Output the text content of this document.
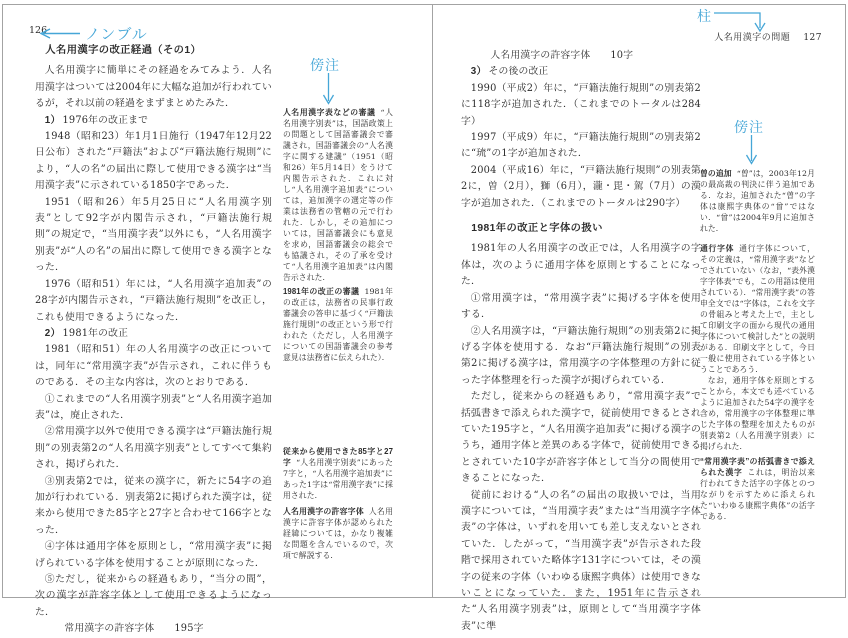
126	ノンブル
人名用漢字の改正経過（その1）

人名用漢字に簡単にその経過をみてみよう．人名用漢字はついては2004年に大幅な追加が行われているが，それ以前の経過をまずまとめたみた．

1） 1976年の改正まで

1948（昭和23）年1月1日施行（1947年12月22日公布）された“戸籍法”および“戸籍法施行規則”により，“人の名”の届出に際して使用できる漢字は“当用漢字表”に示されている1850字であった．

1951（昭和26）年5月25日に“人名用漢字別表”として92字が内閣告示され，“戸籍法施行規則”の規定で，“当用漢字表”以外にも，“人名用漢字別表”が“人の名”の届出に際して使用できる漢字となった．

1976（昭和51）年には，“人名用漢字追加表”の28字が内閣告示され，“戸籍法施行規則”を改正し，これも使用できるようになった．

2） 1981年の改正

1981（昭和51）年の人名用漢字の改正については，同年に“常用漢字表”が告示され，これに伴うものである．その主な内容は，次のとおりである．

①これまでの“人名用漢字別表”と“人名用漢字追加表”は，廃止された．

②常用漢字以外で使用できる漢字は“戸籍法施行規則”の別表第2の“人名用漢字別表”としてすべて集約され，掲げられた．

③別表第2では，従来の漢字に，新たに54字の追加が行われている．別表第2に掲げられた漢字は，従来から使用できた85字と27字と合わせて166字となった．

④字体は通用字体を原則とし，“常用漢字表”に掲げられている字体を使用することが原則になった．

⑤ただし，従来からの経過もあり，“当分の間”，次の漢字が許容字体として使用できるようになった．

常用漢字の許容字体　　195字

傍注
人名用漢字表などの審議 “人名用漢字別表”は，国語政策上の問題として国語審議会で審議され，国語審議会の“人名漢字に関する建議”（1951（昭和26）年5月14日）をうけて内閣告示された．これに対し“人名用漢字追加表”については，追加漢字の選定等の作業は法務省の管轄の元で行われた．しかし，その追加については，国語審議会にも意見を求め，国語審議会の総会でも協議され，その了承を受けて“人名用漢字追加表”は内閣告示された．
1981年の改正の審議 1981年の改正は，法務省の民事行政審議会の答申に基づく“戸籍法施行規則”の改正という形で行われた（ただし，人名用漢字についての国語審議会の参考意見は法務省に伝えられた）．
従来から使用できた85字と27字 “人名用漢字別表”にあった7字と，“人名用漢字追加表”にあった1字は“常用漢字表”に採用された．
人名用漢字の許容字体 人名用漢字に許容字体が認められた経緯については，かなり複雑な問題を含んでいるので，次項で解説する．
柱
人名用漢字の問題 127

人名用漢字の許容字体　　10字

3） その後の改正

1990（平成2）年に，“戸籍法施行規則”の別表第2に118字が追加された．（これまでのトータルは284字）

1997（平成9）年に，“戸籍法施行規則”の別表第2に“琉”の1字が追加された．

2004（平成16）年に，“戸籍法施行規則”の別表第2に，曽（2月），獅（6月），瀧・毘・駕（7月）の漢字が追加された．（これまでのトータルは290字）

1981年の改正と字体の扱い

1981年の人名用漢字の改正では，人名用漢字の字体は，次のように通用字体を原則とすることになった．

①常用漢字は，“常用漢字表”に掲げる字体を使用する．

②人名用漢字は，“戸籍法施行規則”の別表第2に掲げる字体を使用する．なお“戸籍法施行規則”の別表第2に掲げる漢字は，常用漢字の字体整理の方針に従った字体整理を行った漢字が掲げられている．

ただし，従来からの経過もあり，“常用漢字表”で括弧書きで添えられた漢字で，従前使用できるとされていた195字と，“人名用漢字追加表”に掲げる漢字のうち，通用字体と差異のある字体で，従前使用できるとされていた10字が許容字体として当分の間使用できることになった．

従前における“人の名”の届出の取扱いでは，当用漢字については，“当用漢字表”または“当用漢字字体表”の字体は，いずれを用いても差し支えないとされていた．したがって，“当用漢字表”が告示された段階で採用されていた略体字131字については，その漢字の従来の字体（いわゆる康熙字典体）は使用できないことになっていた．また，1951年に告示された“人名用漢字別表”は，原則として“当用漢字字体表”に準

傍注
曽の追加 “曽”は，2003年12月の最高裁の判決に伴う追加である．なお，追加された“曽”の字体は康熙字典体の“曾”ではない．“曾”は2004年9月に追加された．
通行字体 通行字体について，その定義は，“常用漢字表”などでされていない（なお，“表外漢字字体表”でも，この用語は使用されている）．“常用漢字表”の答申全文では“字体は，これを文字の骨組みと考えた上で，主として印刷文字の面から現代の通用字体について検討した”との説明がある．印刷文字として，今日一般に使用されている字体ということであろう．
なお，通用字体を原則とすることから，本文でも述べているように追加された54字の漢字を含め，常用漢字の字体整理に準じた字体の整理を加えたものが別表第2（人名用漢字別表）に掲げられた．
“常用漢字表”の括弧書きで添えられた漢字 これは，明治以来行われてきた活字の字体とのつながりを示すために添えられた“いわゆる康熙字典体”の活字である．
